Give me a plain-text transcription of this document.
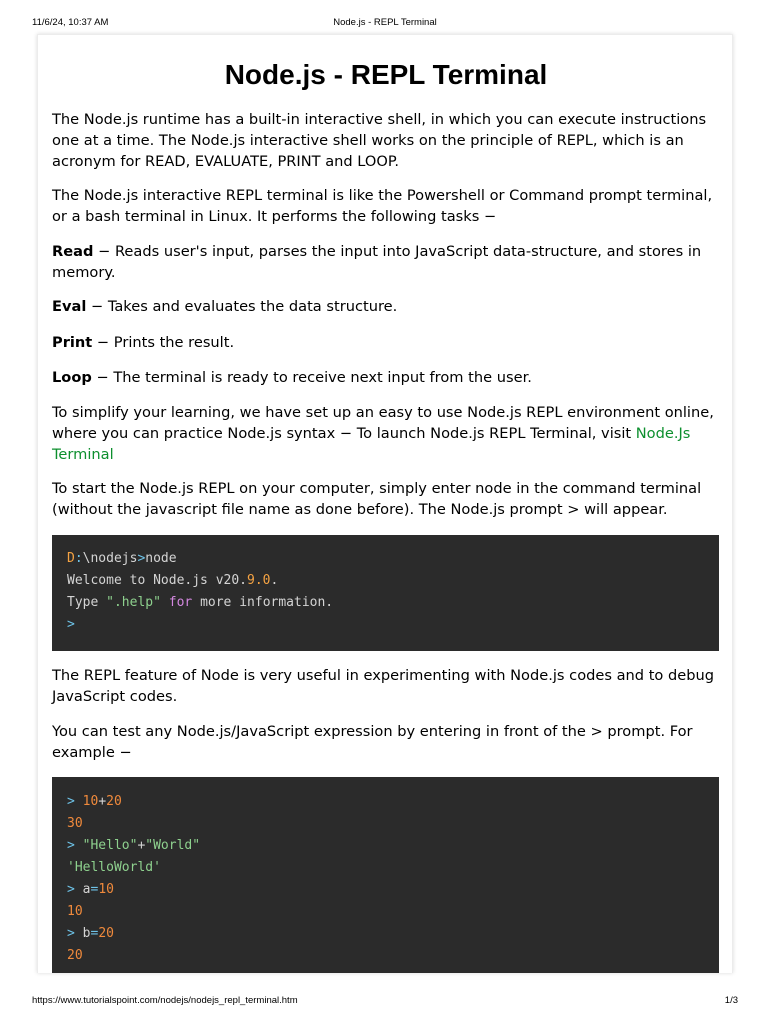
11/6/24, 10:37 AM	Node.js - REPL Terminal
Node.js - REPL Terminal

The Node.js runtime has a built-in interactive shell, in which you can execute instructions one at a time. The Node.js interactive shell works on the principle of REPL, which is an acronym for READ, EVALUATE, PRINT and LOOP.

The Node.js interactive REPL terminal is like the Powershell or Command prompt terminal, or a bash terminal in Linux. It performs the following tasks −

Read − Reads user's input, parses the input into JavaScript data-structure, and stores in memory.

Eval − Takes and evaluates the data structure.

Print − Prints the result.

Loop − The terminal is ready to receive next input from the user.

To simplify your learning, we have set up an easy to use Node.js REPL environment online, where you can practice Node.js syntax − To launch Node.js REPL Terminal, visit Node.Js Terminal

To start the Node.js REPL on your computer, simply enter node in the command terminal (without the javascript file name as done before). The Node.js prompt > will appear.

D:\nodejs>node
Welcome to Node.js v20.9.0.
Type ".help" for more information.
>

The REPL feature of Node is very useful in experimenting with Node.js codes and to debug JavaScript codes.

You can test any Node.js/JavaScript expression by entering in front of the > prompt. For example −

> 10+20
30
> "Hello"+"World"
'HelloWorld'
> a=10
10
> b=20
20
https://www.tutorialspoint.com/nodejs/nodejs_repl_terminal.htm	1/3
